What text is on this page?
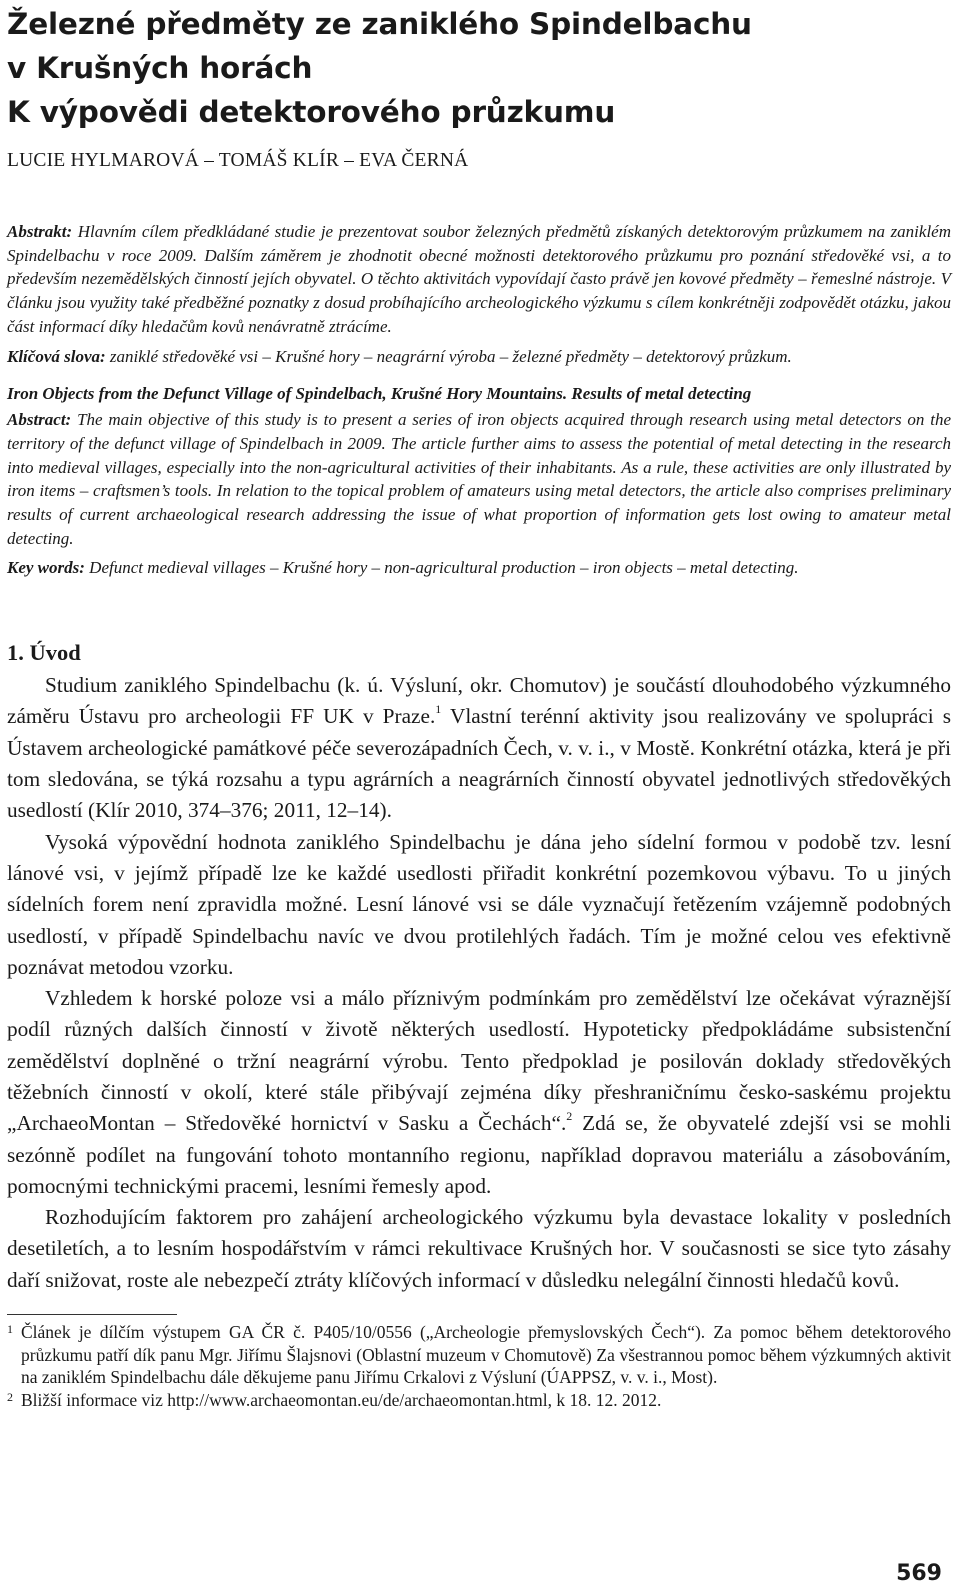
Železné předměty ze zaniklého Spindelbachu
v Krušných horách
K výpovědi detektorového průzkumu
LUCIE HYLMAROVÁ – TOMÁŠ KLÍR – EVA ČERNÁ
Abstrakt: Hlavním cílem předkládané studie je prezentovat soubor železných předmětů získaných detektorovým průzkumem na zaniklém Spindelbachu v roce 2009. Dalším záměrem je zhodnotit obecné možnosti detektorového průzkumu pro poznání středověké vsi, a to především nezemědělských činností jejích obyvatel. O těchto aktivitách vypovídají často právě jen kovové předměty – řemeslné nástroje. V článku jsou využity také předběžné poznatky z dosud probíhajícího archeologického výzkumu s cílem konkrétněji zodpovědět otázku, jakou část informací díky hledačům kovů nenávratně ztrácíme.
Klíčová slova: zaniklé středověké vsi – Krušné hory – neagrární výroba – železné předměty – detektorový průzkum.
Iron Objects from the Defunct Village of Spindelbach, Krušné Hory Mountains. Results of metal detecting
Abstract: The main objective of this study is to present a series of iron objects acquired through research using metal detectors on the territory of the defunct village of Spindelbach in 2009. The article further aims to assess the potential of metal detecting in the research into medieval villages, especially into the non-agricultural activities of their inhabitants. As a rule, these activities are only illustrated by iron items – craftsmen’s tools. In relation to the topical problem of amateurs using metal detectors, the article also comprises preliminary results of current archaeological research addressing the issue of what proportion of information gets lost owing to amateur metal detecting.
Key words: Defunct medieval villages – Krušné hory – non-agricultural production – iron objects – metal detecting.
1. Úvod

Studium zaniklého Spindelbachu (k. ú. Výsluní, okr. Chomutov) je součástí dlouhodobého výzkumného záměru Ústavu pro archeologii FF UK v Praze.$^1$ Vlastní terénní aktivity jsou realizovány ve spolupráci s Ústavem archeologické památkové péče severozápadních Čech, v. v. i., v Mostě. Konkrétní otázka, která je při tom sledována, se týká rozsahu a typu agrárních a neagrárních činností obyvatel jednotlivých středověkých usedlostí (Klír 2010, 374–376; 2011, 12–14).

Vysoká výpovědní hodnota zaniklého Spindelbachu je dána jeho sídelní formou v podobě tzv. lesní lánové vsi, v jejímž případě lze ke každé usedlosti přiřadit konkrétní pozemkovou výbavu. To u jiných sídelních forem není zpravidla možné. Lesní lánové vsi se dále vyznačují řetězením vzájemně podobných usedlostí, v případě Spindelbachu navíc ve dvou protilehlých řadách. Tím je možné celou ves efektivně poznávat metodou vzorku.

Vzhledem k horské poloze vsi a málo příznivým podmínkám pro zemědělství lze očekávat výraznější podíl různých dalších činností v životě některých usedlostí. Hypoteticky předpokládáme subsistenční zemědělství doplněné o tržní neagrární výrobu. Tento předpoklad je posilován doklady středověkých těžebních činností v okolí, které stále přibývají zejména díky přeshraničnímu česko-saskému projektu „ArchaeoMontan – Středověké hornictví v Sasku a Čechách“.$^2$ Zdá se, že obyvatelé zdejší vsi se mohli sezónně podílet na fungování tohoto montanního regionu, například dopravou materiálu a zásobováním, pomocnými technickými pracemi, lesními řemesly apod.

Rozhodujícím faktorem pro zahájení archeologického výzkumu byla devastace lokality v posledních desetiletích, a to lesním hospodářstvím v rámci rekultivace Krušných hor. V současnosti se sice tyto zásahy daří snižovat, roste ale nebezpečí ztráty klíčových informací v důsledku nelegální činnosti hledačů kovů.

1 Článek je dílčím výstupem GA ČR č. P405/10/0556 („Archeologie přemyslovských Čech“). Za pomoc během detektorového průzkumu patří dík panu Mgr. Jiřímu Šlajsnovi (Oblastní muzeum v Chomutově) Za všestrannou pomoc během výzkumných aktivit na zaniklém Spindelbachu dále děkujeme panu Jiřímu Crkalovi z Výsluní (ÚAPPSZ, v. v. i., Most).
2 Bližší informace viz http://www.archaeomontan.eu/de/archaeomontan.html, k 18. 12. 2012.
569
